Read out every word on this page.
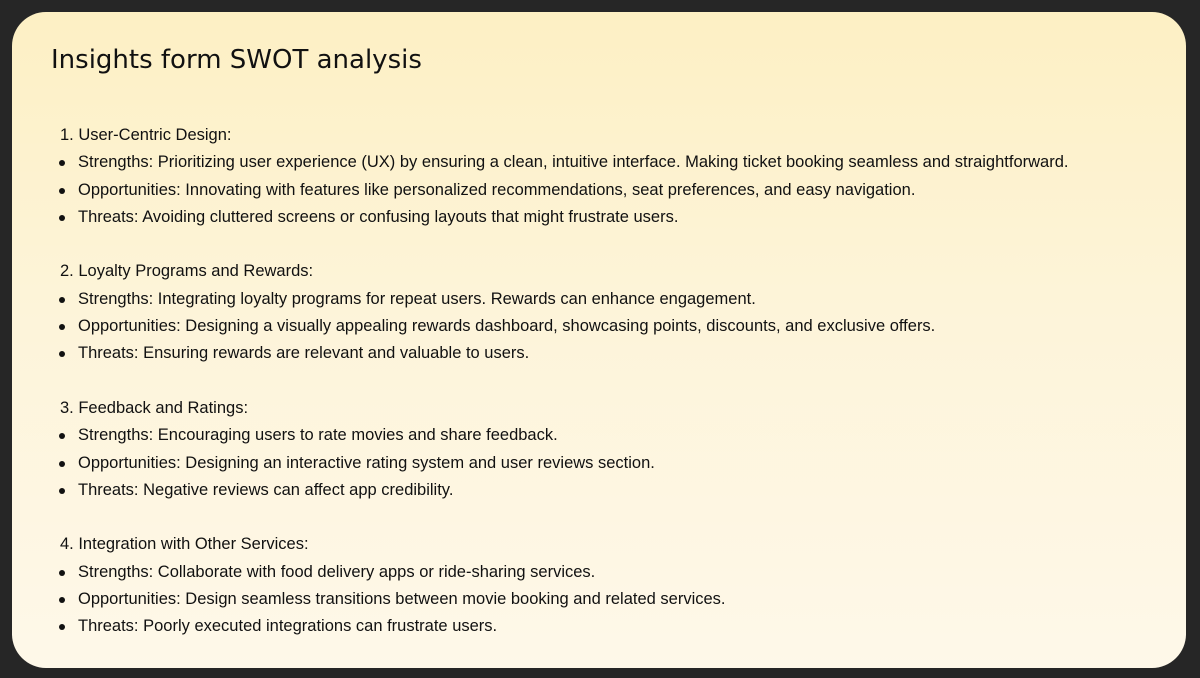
Insights form SWOT analysis
1. User-Centric Design:
Strengths: Prioritizing user experience (UX) by ensuring a clean, intuitive interface. Making ticket booking seamless and straightforward.
Opportunities: Innovating with features like personalized recommendations, seat preferences, and easy navigation.
Threats: Avoiding cluttered screens or confusing layouts that might frustrate users.
2. Loyalty Programs and Rewards:
Strengths: Integrating loyalty programs for repeat users. Rewards can enhance engagement.
Opportunities: Designing a visually appealing rewards dashboard, showcasing points, discounts, and exclusive offers.
Threats: Ensuring rewards are relevant and valuable to users.
3. Feedback and Ratings:
Strengths: Encouraging users to rate movies and share feedback.
Opportunities: Designing an interactive rating system and user reviews section.
Threats: Negative reviews can affect app credibility.
4. Integration with Other Services:
Strengths: Collaborate with food delivery apps or ride-sharing services.
Opportunities: Design seamless transitions between movie booking and related services.
Threats: Poorly executed integrations can frustrate users.
